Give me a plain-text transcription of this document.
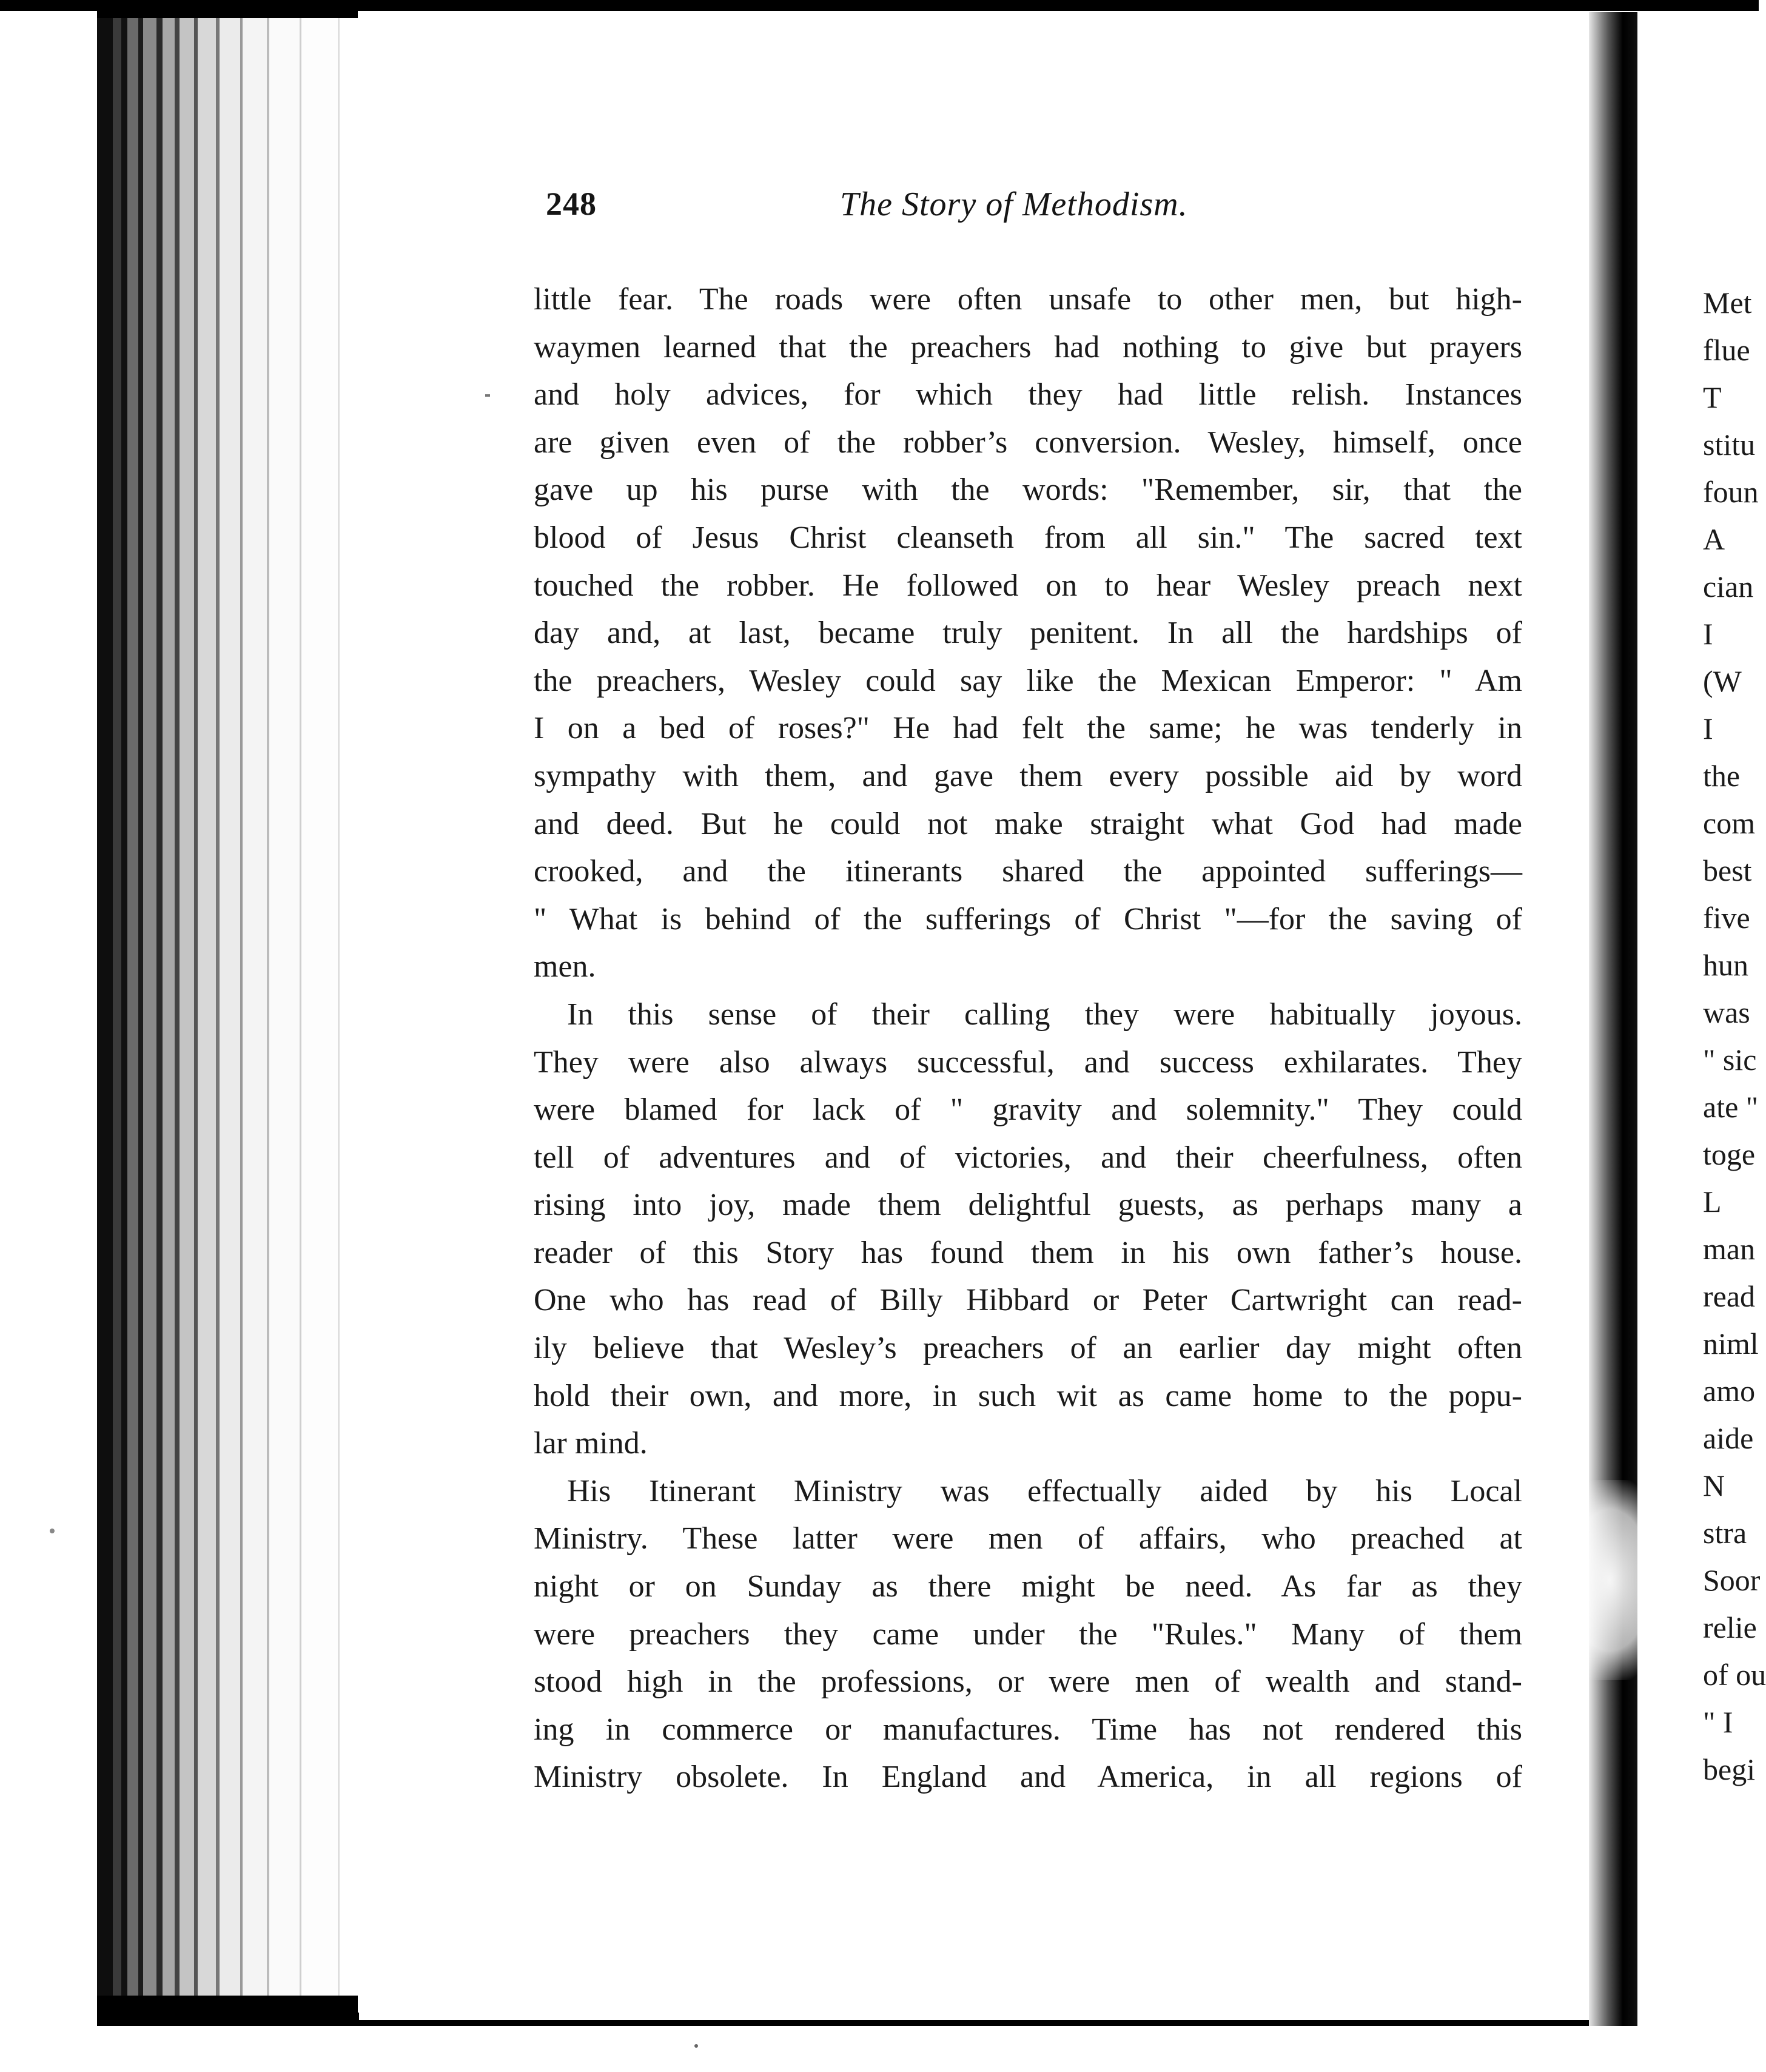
248	The Story of Methodism.
little fear. The roads were often unsafe to other men, but high-
waymen learned that the preachers had nothing to give but prayers
and holy advices, for which they had little relish. Instances
are given even of the robber’s conversion. Wesley, himself, once
gave up his purse with the words: "Remember, sir, that the
blood of Jesus Christ cleanseth from all sin." The sacred text
touched the robber. He followed on to hear Wesley preach next
day and, at last, became truly penitent. In all the hardships of
the preachers, Wesley could say like the Mexican Emperor: " Am
I on a bed of roses?" He had felt the same; he was tenderly in
sympathy with them, and gave them every possible aid by word
and deed. But he could not make straight what God had made
crooked, and the itinerants shared the appointed sufferings—
" What is behind of the sufferings of Christ "—for the saving of
men.
In this sense of their calling they were habitually joyous.
They were also always successful, and success exhilarates. They
were blamed for lack of " gravity and solemnity." They could
tell of adventures and of victories, and their cheerfulness, often
rising into joy, made them delightful guests, as perhaps many a
reader of this Story has found them in his own father’s house.
One who has read of Billy Hibbard or Peter Cartwright can read-
ily believe that Wesley’s preachers of an earlier day might often
hold their own, and more, in such wit as came home to the popu-
lar mind.
His Itinerant Ministry was effectually aided by his Local
Ministry. These latter were men of affairs, who preached at
night or on Sunday as there might be need. As far as they
were preachers they came under the "Rules." Many of them
stood high in the professions, or were men of wealth and stand-
ing in commerce or manufactures. Time has not rendered this
Ministry obsolete. In England and America, in all regions of
Met
flue
T
stitu
foun
A
cian
I
(W
I
the
com
best
five
hun
was
" sic
ate "
toge
L
man
read
niml
amo
aide
N
stra
Soor
relie
of ou
" I
begi
